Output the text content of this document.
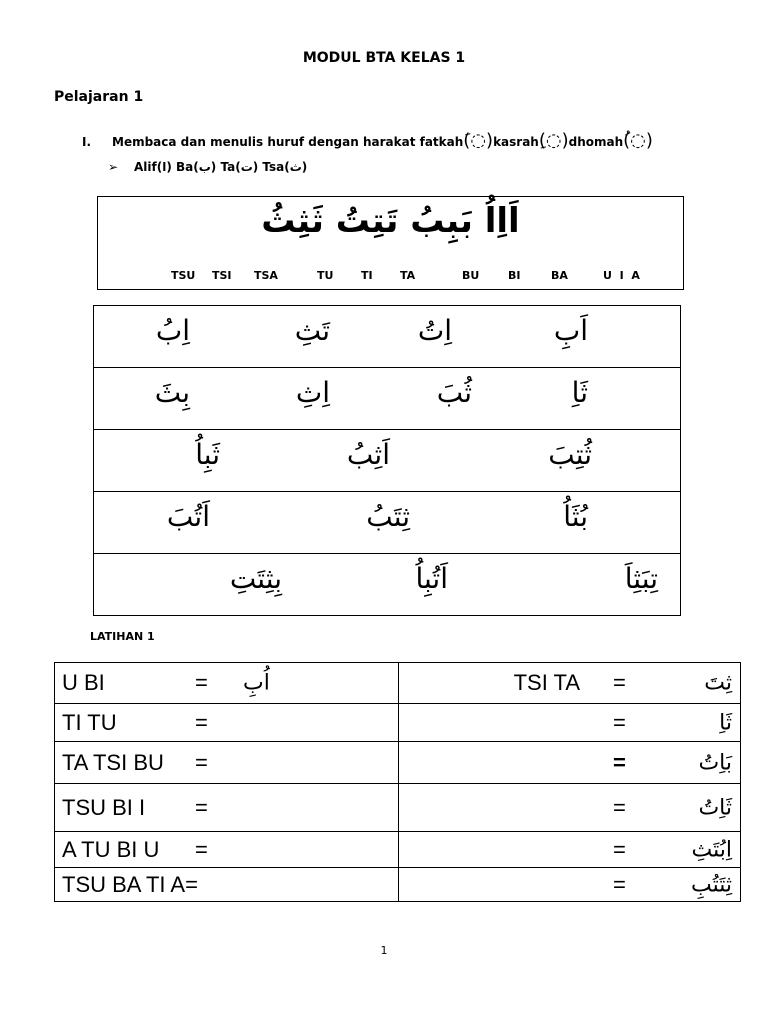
MODUL BTA KELAS 1
Pelajaran 1
I. Membaca dan menulis huruf dengan harakat fatkah(َ◌)kasrah(ِ◌)dhomah(ُ◌)
➢ Alif(ا) Ba(ب) Ta(ت) Tsa(ث)
اَاِاُ بَبِبُ تَتِتُ ثَثِثُ
TSU TSI TSA	TU	TI TA	BU	BI	BA	U  I  A
اَبِ
اِتُ
تَثِ
اِبُ

ثَاِ
ثُبَ
اِثِ
بِثَ

ثُتِبَ
اَثِبُ
ثَبِاُ

بُثَاُ
ثِتَبُ
اَتُبَ

تِبَثِاَ
اَتُبِاُ
بِثِتَتِ
LATIHAN 1
U BI = اُبِ	TSI TA = ثِتَ

TI TU =	= ثَاِ

TA TSI BU =	= بَاِتُ

TSU BI I =	= ثَاِتُ

A TU BI U =	= اِبُتَثِ

TSU BA TI A=	= ثِتَتُبِ
1
